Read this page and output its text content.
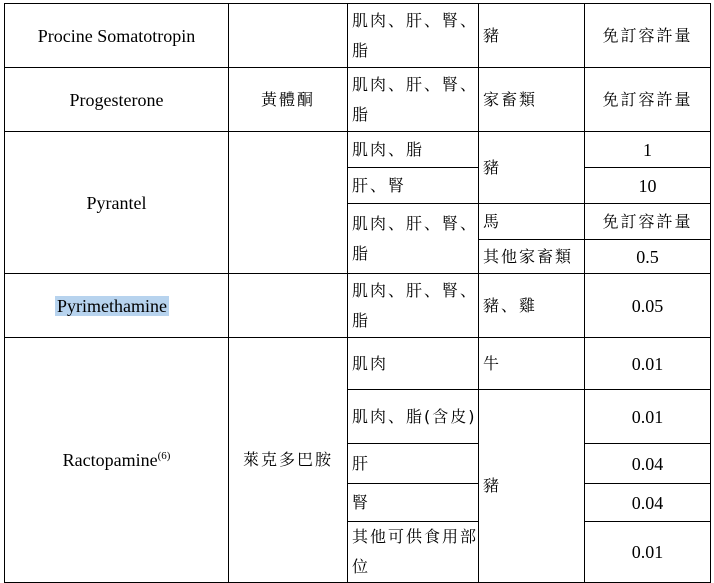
Procine Somatotropin		肌肉、肝、腎、脂	豬	免訂容許量
Progesterone	黃體酮	肌肉、肝、腎、脂	家畜類	免訂容許量
Pyrantel		肌肉、脂	豬	1
		肝、腎		10
		肌肉、肝、腎、脂	馬	免訂容許量
			其他家畜類	0.5
Pyrimethamine		肌肉、肝、腎、脂	豬、雞	0.05
Ractopamine$^{(6)}$	萊克多巴胺	肌肉	牛	0.01
		肌肉、脂(含皮)	豬	0.01
		肝		0.04
		腎		0.04
		其他可供食用部位		0.01
